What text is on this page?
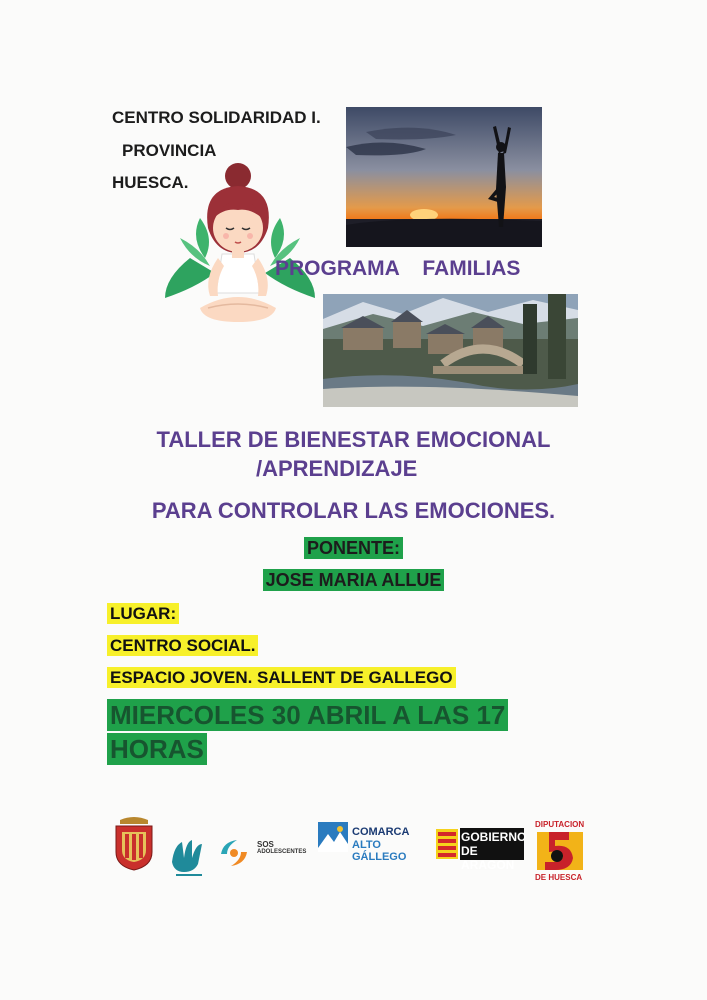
CENTRO SOLIDARIDAD I.
PROVINCIA
HUESCA.
PROGRAMA    FAMILIAS
TALLER DE BIENESTAR EMOCIONAL
/APRENDIZAJE
PARA CONTROLAR LAS EMOCIONES.
PONENTE:
JOSE MARIA ALLUE
LUGAR:
CENTRO SOCIAL.
ESPACIO JOVEN. SALLENT DE GALLEGO
MIERCOLES 30 ABRIL A LAS 17
HORAS
SOS
ADOLESCENTES
COMARCA
ALTO GÁLLEGO
GOBIERNO
DE ARAGON
DIPUTACION
DE HUESCA
